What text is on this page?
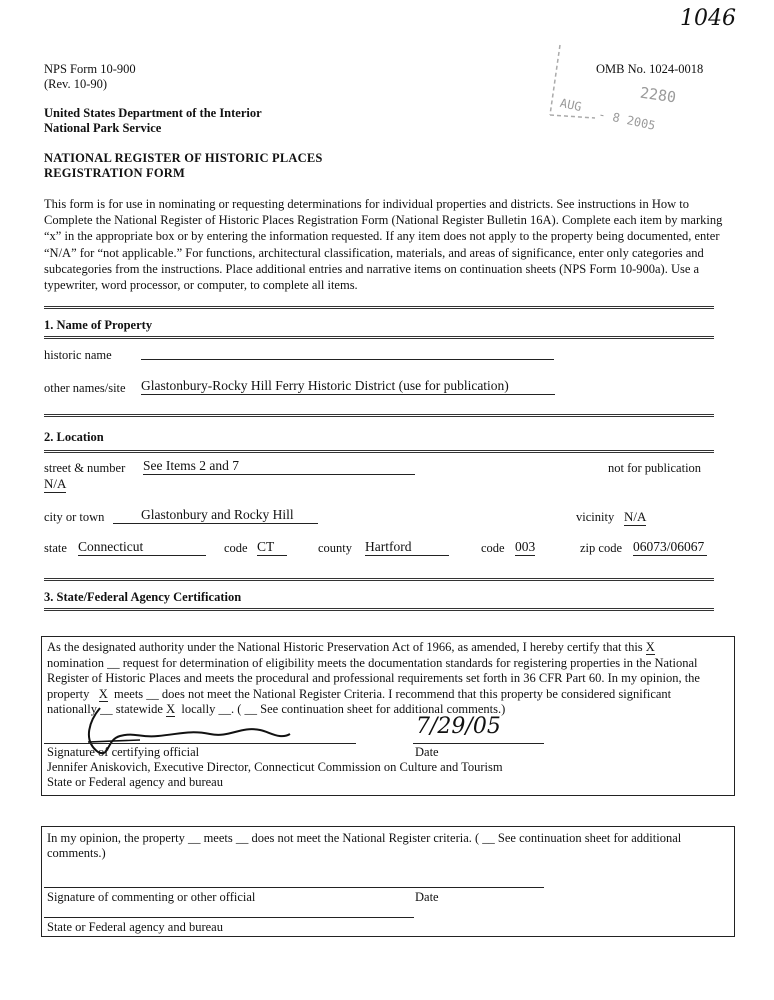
1046
NPS Form 10-900
(Rev. 10-90)
OMB No. 1024-0018
United States Department of the Interior
National Park Service
NATIONAL REGISTER OF HISTORIC PLACES
REGISTRATION FORM
2280
AUG
- 8 2005
This form is for use in nominating or requesting determinations for individual properties and districts. See instructions in How to Complete the National Register of Historic Places Registration Form (National Register Bulletin 16A). Complete each item by marking “x” in the appropriate box or by entering the information requested. If any item does not apply to the property being documented, enter “N/A” for “not applicable.” For functions, architectural classification, materials, and areas of significance, enter only categories and subcategories from the instructions. Place additional entries and narrative items on continuation sheets (NPS Form 10-900a). Use a typewriter, word processor, or computer, to complete all items.
1. Name of Property
historic name
other names/site Glastonbury-Rocky Hill Ferry Historic District (use for publication)
2. Location
street & number See Items 2 and 7	not for publication
N/A
city or town	Glastonbury and Rocky Hill	vicinity N/A
state Connecticut	code CT	county Hartford	code 003	zip code 06073/06067
3. State/Federal Agency Certification
As the designated authority under the National Historic Preservation Act of 1966, as amended, I hereby certify that this X
nomination __ request for determination of eligibility meets the documentation standards for registering properties in the National
Register of Historic Places and meets the procedural and professional requirements set forth in 36 CFR Part 60. In my opinion, the
property X meets __ does not meet the National Register Criteria. I recommend that this property be considered significant
nationally __ statewide X locally __. ( __ See continuation sheet for additional comments.)
7/29/05
Signature of certifying official	Date
Jennifer Aniskovich, Executive Director, Connecticut Commission on Culture and Tourism
State or Federal agency and bureau
In my opinion, the property __ meets __ does not meet the National Register criteria. ( __ See continuation sheet for additional
comments.)
Signature of commenting or other official	Date
State or Federal agency and bureau
